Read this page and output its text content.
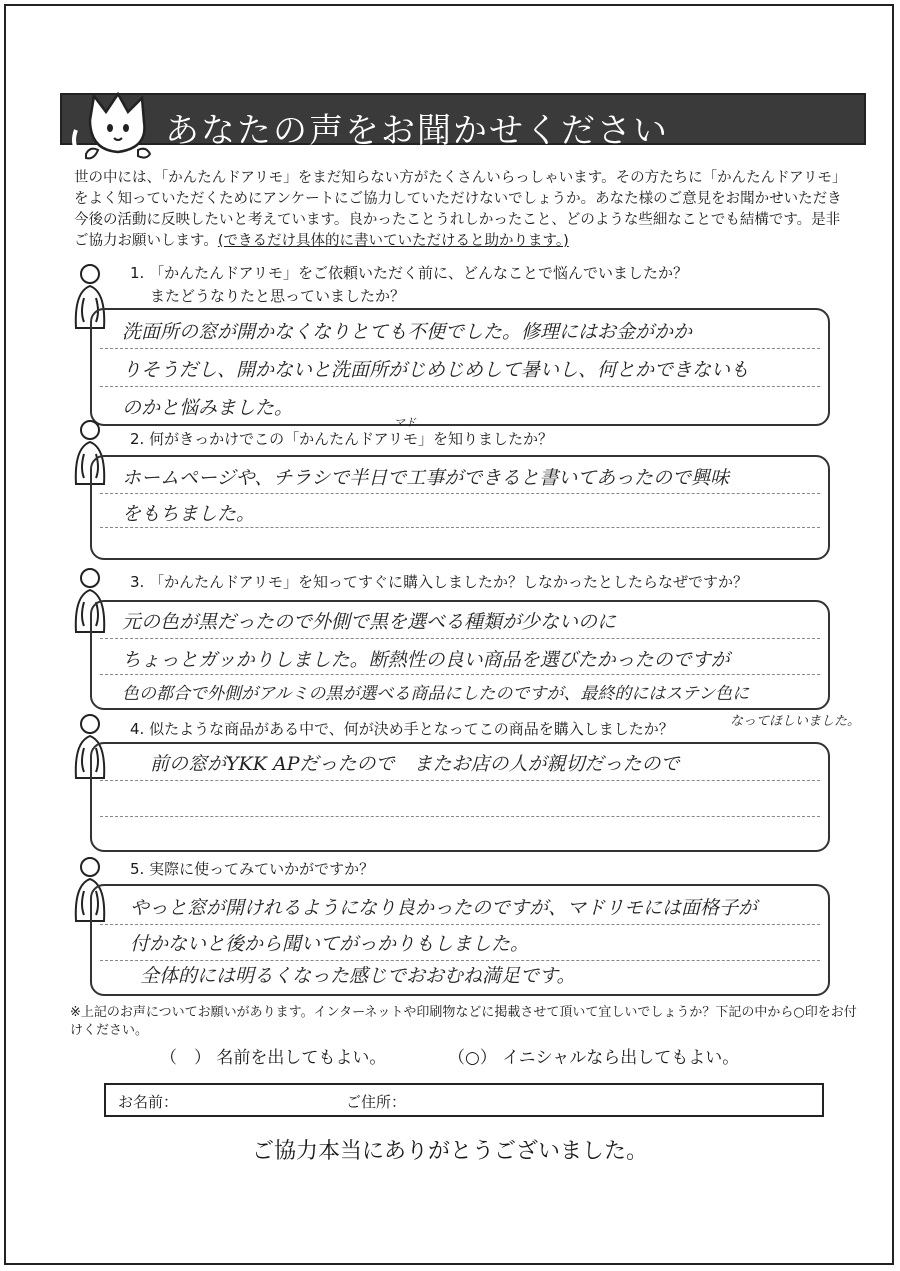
あなたの声をお聞かせください
世の中には、「かんたんドアリモ」をまだ知らない方がたくさんいらっしゃいます。その方たちに「かんたんドアリモ」をよく知っていただくためにアンケートにご協力していただけないでしょうか。あなた様のご意見をお聞かせいただき今後の活動に反映したいと考えています。良かったことうれしかったこと、どのような些細なことでも結構です。是非ご協力お願いします。(できるだけ具体的に書いていただけると助かります。)
1. 「かんたんドアリモ」をご依頼いただく前に、どんなことで悩んでいましたか？
またどうなりたと思っていましたか？
洗面所の窓が開かなくなりとても不便でした。修理にはお金がかか
りそうだし、開かないと洗面所がじめじめして暑いし、何とかできないも
のかと悩みました。
2. 何がきっかけでこの「かんたんドアリモ」を知りましたか？
マド
ホームページや、チラシで半日で工事ができると書いてあったので興味
をもちました。
3. 「かんたんドアリモ」を知ってすぐに購入しましたか？しなかったとしたらなぜですか？
元の色が黒だったので外側で黒を選べる種類が少ないのに
ちょっとガッかりしました。断熱性の良い商品を選びたかったのですが
色の都合で外側がアルミの黒が選べる商品にしたのですが、最終的にはステン色に
なってほしいました。
4. 似たような商品がある中で、何が決め手となってこの商品を購入しましたか？
前の窓がYKK APだったので　またお店の人が親切だったので
5. 実際に使ってみていかがですか？
やっと窓が開けれるようになり良かったのですが、マドリモには面格子が
付かないと後から聞いてがっかりもしました。
全体的には明るくなった感じでおおむね満足です。
※上記のお声についてお願いがあります。インターネットや印刷物などに掲載させて頂いて宜しいでしょうか？下記の中から○印をお付けください。
（　） 名前を出してもよい。	（○） イニシャルなら出してもよい。
お名前：	ご住所：
ご協力本当にありがとうございました。
